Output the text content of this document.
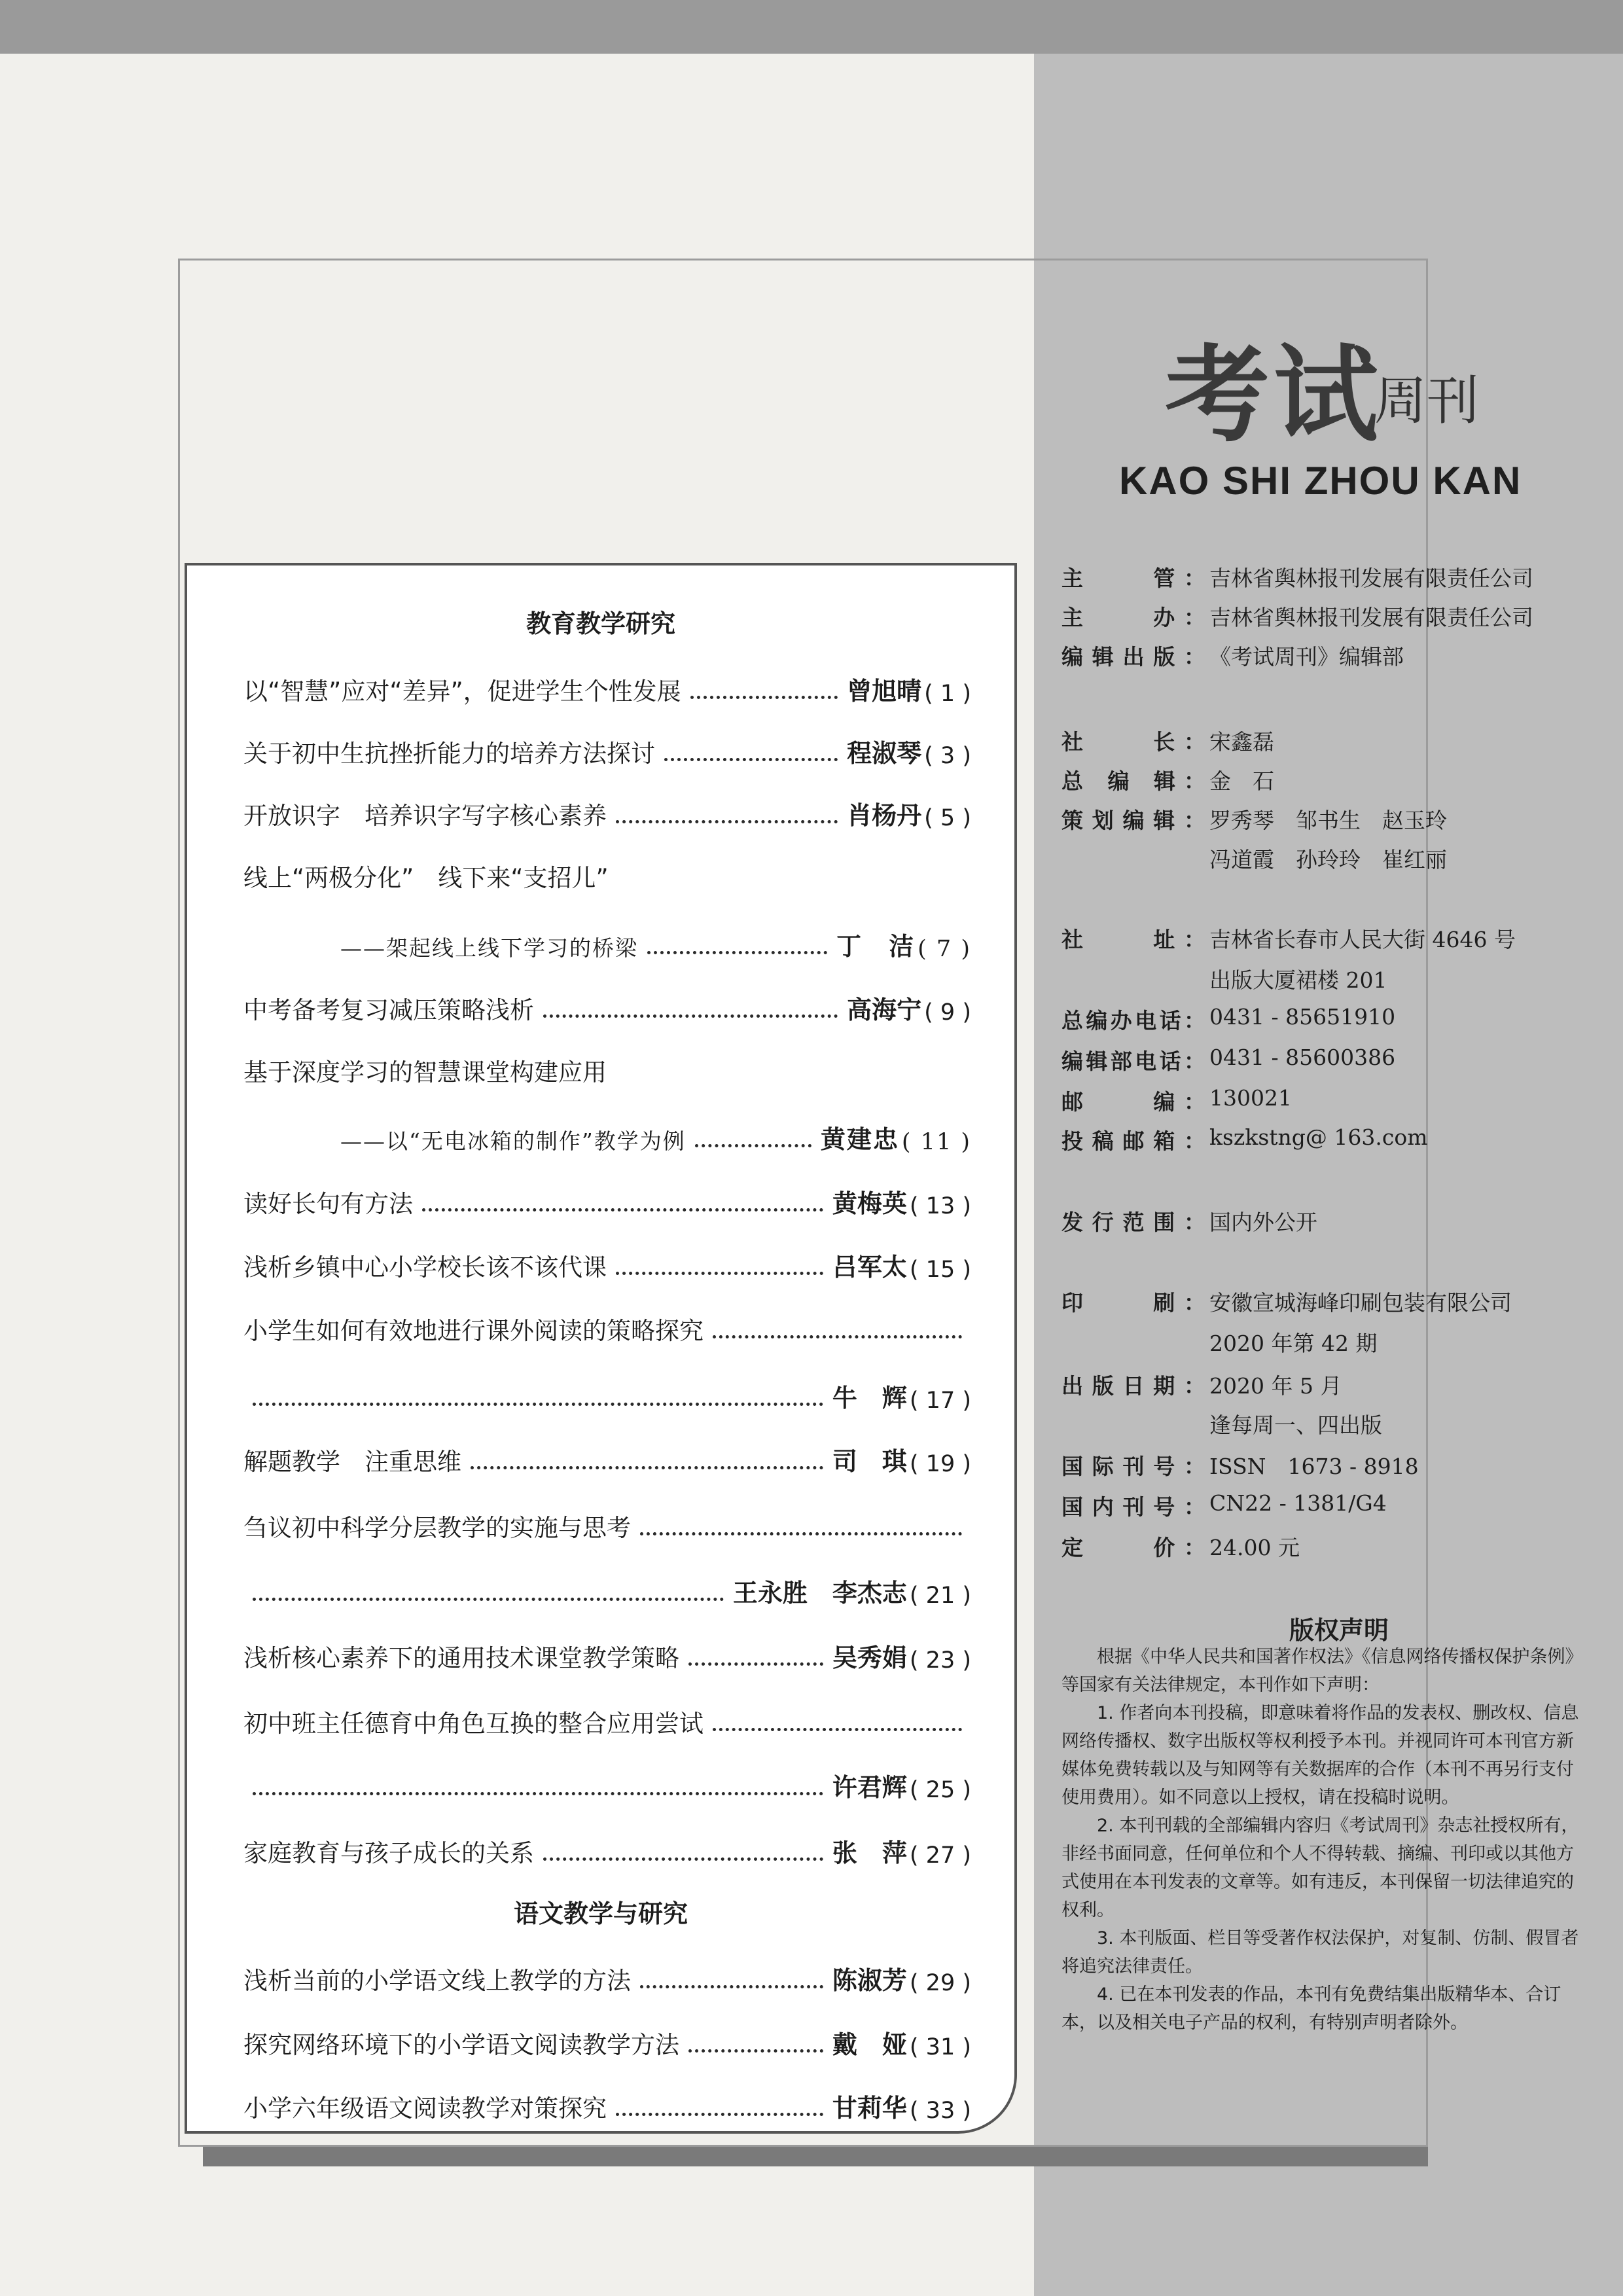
考试
周刊
KAO SHI ZHOU KAN
教育教学研究
以“智慧”应对“差异”，促进学生个性发展	曾旭晴 ( 1 )
关于初中生抗挫折能力的培养方法探讨	程淑琴 ( 3 )
开放识字　培养识字写字核心素养	肖杨丹 ( 5 )
线上“两极分化”　线下来“支招儿”
——架起线上线下学习的桥梁	丁　洁 ( 7 )
中考备考复习减压策略浅析	高海宁 ( 9 )
基于深度学习的智慧课堂构建应用
——以“无电冰箱的制作”教学为例	黄建忠 ( 11 )
读好长句有方法	黄梅英 ( 13 )
浅析乡镇中心小学校长该不该代课	吕军太 ( 15 )
小学生如何有效地进行课外阅读的策略探究
牛　辉 ( 17 )
解题教学　注重思维	司　琪 ( 19 )
刍议初中科学分层教学的实施与思考
王永胜　李杰志 ( 21 )
浅析核心素养下的通用技术课堂教学策略	吴秀娟 ( 23 )
初中班主任德育中角色互换的整合应用尝试
许君辉 ( 25 )
家庭教育与孩子成长的关系	张　萍 ( 27 )
语文教学与研究
浅析当前的小学语文线上教学的方法	陈淑芳 ( 29 )
探究网络环境下的小学语文阅读教学方法	戴　娅 ( 31 )
小学六年级语文阅读教学对策探究	甘莉华 ( 33 )
主　　管： 吉林省舆林报刊发展有限责任公司
主　　办： 吉林省舆林报刊发展有限责任公司
编辑出版： 《考试周刊》编辑部
社　　长： 宋鑫磊
总 编 辑： 金　石
策划编辑： 罗秀琴　邹书生　赵玉玲
冯道霞　孙玲玲　崔红丽
社　　址： 吉林省长春市人民大街 4646 号
出版大厦裙楼 201
总编办电话： 0431 - 85651910
编辑部电话： 0431 - 85600386
邮　　编： 130021
投稿邮箱： kszkstng@ 163.com
发行范围： 国内外公开
印　　刷： 安徽宣城海峰印刷包装有限公司
2020 年第 42 期
出版日期： 2020 年 5 月
逢每周一、四出版
国际刊号： ISSN　1673 - 8918
国内刊号： CN22 - 1381/G4
定　　价： 24.00 元
版权声明

根据《中华人民共和国著作权法》《信息网络传播权保护条例》等国家有关法律规定，本刊作如下声明：

1. 作者向本刊投稿，即意味着将作品的发表权、删改权、信息网络传播权、数字出版权等权利授予本刊。并视同许可本刊官方新媒体免费转载以及与知网等有关数据库的合作（本刊不再另行支付使用费用）。如不同意以上授权，请在投稿时说明。

2. 本刊刊载的全部编辑内容归《考试周刊》杂志社授权所有，非经书面同意，任何单位和个人不得转载、摘编、刊印或以其他方式使用在本刊发表的文章等。如有违反，本刊保留一切法律追究的权利。

3. 本刊版面、栏目等受著作权法保护，对复制、仿制、假冒者将追究法律责任。

4. 已在本刊发表的作品，本刊有免费结集出版精华本、合订本，以及相关电子产品的权利，有特别声明者除外。
